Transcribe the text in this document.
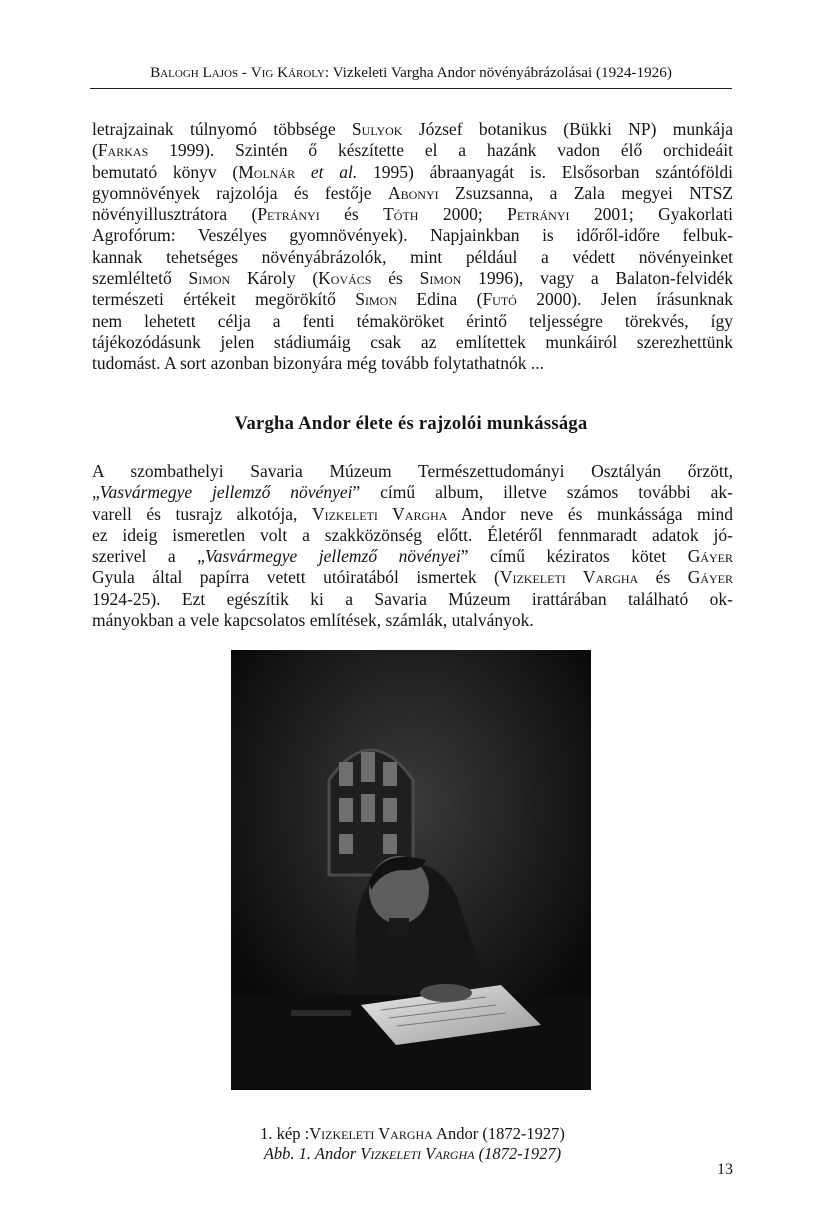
Balogh Lajos - Vig Károly: Vizkeleti Vargha Andor növényábrázolásai (1924-1926)
letrajzainak túlnyomó többsége Sulyok József botanikus (Bükki NP) munkája
(Farkas 1999). Szintén ő készítette el a hazánk vadon élő orchideáit
bemutató könyv (Molnár et al. 1995) ábraanyagát is. Elsősorban szántóföldi
gyomnövények rajzolója és festője Abonyi Zsuzsanna, a Zala megyei NTSZ
növényillusztrátora (Petrányi és Tóth 2000; Petrányi 2001; Gyakorlati
Agrofórum: Veszélyes gyomnövények). Napjainkban is időről-időre felbuk-
kannak tehetséges növényábrázolók, mint például a védett növényeinket
szemléltető Simon Károly (Kovács és Simon 1996), vagy a Balaton-felvidék
természeti értékeit megörökítő Simon Edina (Futó 2000). Jelen írásunknak
nem lehetett célja a fenti témaköröket érintő teljességre törekvés, így
tájékozódásunk jelen stádiumáig csak az említettek munkáiról szerezhettünk
tudomást. A sort azonban bizonyára még tovább folytathatnók ...
Vargha Andor élete és rajzolói munkássága
A szombathelyi Savaria Múzeum Természettudományi Osztályán őrzött,
„Vasvármegye jellemző növényei” című album, illetve számos további ak-
varell és tusrajz alkotója, Vizkeleti Vargha Andor neve és munkássága mind
ez ideig ismeretlen volt a szakközönség előtt. Életéről fennmaradt adatok jó-
szerivel a „Vasvármegye jellemző növényei” című kéziratos kötet Gáyer
Gyula által papírra vetett utóiratából ismertek (Vizkeleti Vargha és Gáyer
1924-25). Ezt egészítik ki a Savaria Múzeum irattárában található ok-
mányokban a vele kapcsolatos említések, számlák, utalványok.
1. kép :Vizkeleti Vargha Andor (1872-1927)
Abb. 1. Andor Vizkeleti Vargha (1872-1927)
13
